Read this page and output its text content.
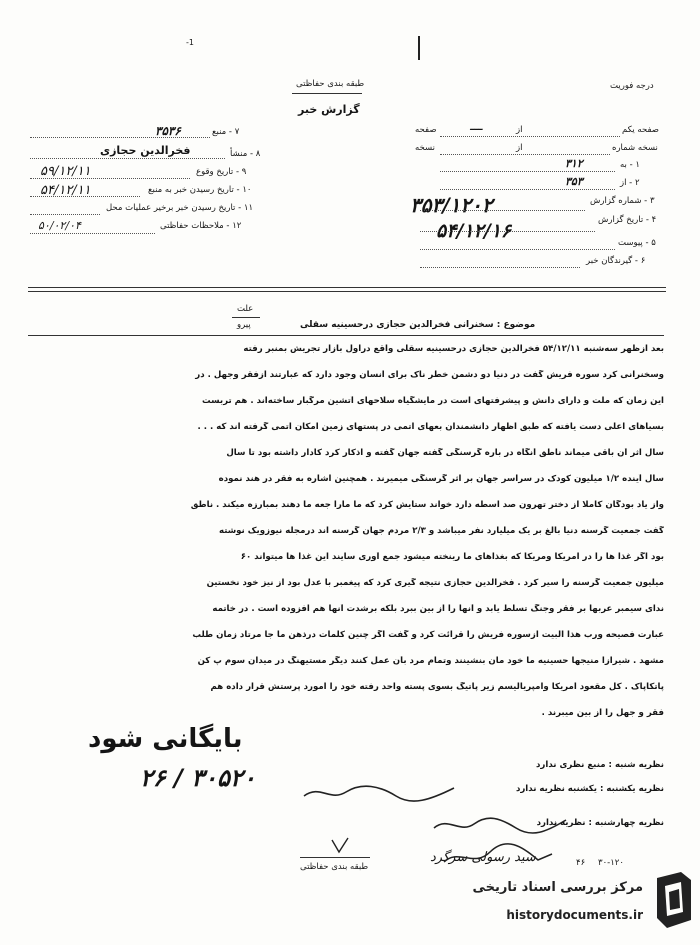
-1
درجه فوریت
طبقه بندی حفاظتی
گزارش خبر
۷ - منبع
۳۵۳۶
۸ - منشأ
فخرالدین حجازی
۹ - تاریخ وقوع
۵۹/۱۲/۱۱
۱۰ - تاریخ رسیدن خبر به منبع
۵۴/۱۲/۱۱
۱۱ - تاریخ رسیدن خبر برخیر عملیات محل
۱۲ - ملاحظات حفاظتی
۵۰/۰۲/۰۴
صفحه یکم
از
صفحه ـــ
نسخه شماره
از
نسخه
۱ - به
۳۱۲
۲ - از
۳۵۳
۳ - شماره گزارش
۳۵۳/۱۲۰۲
۴ - تاریخ گزارش
۵۴/۱۲/۱۶
۵ - پیوست
۶ - گیرندگان خبر
علت
پیرو	موضوع : سخنرانی فخرالدین حجازی درحسینیه سقلی
بعد ازظهر سه‌شنبه ۵۴/۱۲/۱۱ فخرالدین حجازی درحسینیه سقلی واقع دراول بازار تجریش بمنبر رفته
وسخنرانی کرد سوره فریش گفت در دنیا دو دشمن خطر ناک برای انسان وجود دارد که عبارتند ازفقر وجهل . در
این زمان که ملت و دارای دانش و پیشرفتهای است در مایشگیاه سلاحهای آتشین مرگبار ساخته‌اند . هم تربست
بسیاهای اعلی دست یافته که طبق اظهار دانشمندان بعهای اتمی در پستهای زمین امکان اتمی گرفته اند که . . .
سال اثر آن باقی میماند ناطق آنگاه در باره گرسنگی گفته جهان گفته و اذکار کرد کادار داشته بود تا سال
سال آینده ۱/۲ میلیون کودک در سراسر جهان بر اثر گرسنگی میمیرند . همچنین اشاره به فقر در هند نموده
واز یاد بودگان کاملا از دختر تهرون صد اسطه دارد خواند ستایش کرد که ما مارا جعه ما دهند بمبارزه میکند . ناطق
گفت جمعیت گرسنه دنیا بالغ بر یک میلیارد نفر میباشد و ۲/۳ مردم جهان گرسنه اند درمجله نیوزویک نوشته
بود اگر غذا ها را در امریکا ومریکا که بغذاهای ما رینخته میشود جمع آوری سایند این غذا ها میتواند ۶۰
میلیون جمعیت گرسنه را سیر کرد . فخرالدین حجازی نتیجه گیری کرد که پیغمبر با عدل بود از نیز خود نخستین
ندای سیمبر عربها بر فقر وجنگ تسلط یابد و آنها را از بین ببرد بلکه برشدت آنها هم افزوده است . در خاتمه
عبارت فصیحه ورب هذا البیت ازسوره فریش را قرائت کرد و گفت اگر چنین کلمات درذهن ما جا مرتاد زمان طلب
مشهد . شیرازا منیجها حسینیه ما خود مان بنشینند وتمام مرد بآن عمل کنند دیگر مستیهنگ در میدان سوم پ کن
پاتکاپاک . کل مقعود امریکا وامپریالیسم زیر پاتیگ بسوی پسته واحد رفته خود را امورد پرستش قرار داده هم
فقر و جهل را از بین میبرند .
بایگانی شود
۳۰۵۲۰ / ۲۶	نظریه شنبه : منبع نظری ندارد
نظریه یکشنبه : یکشنبه نظریه ندارد
نظریه چهارشنبه : نظریه ندارد
سید رسولی سرگرد
طبقه بندی حفاظتی	۳۰-۱۲۰
۴۶
مرکز بررسی اسناد تاریخی
historydocuments.ir
